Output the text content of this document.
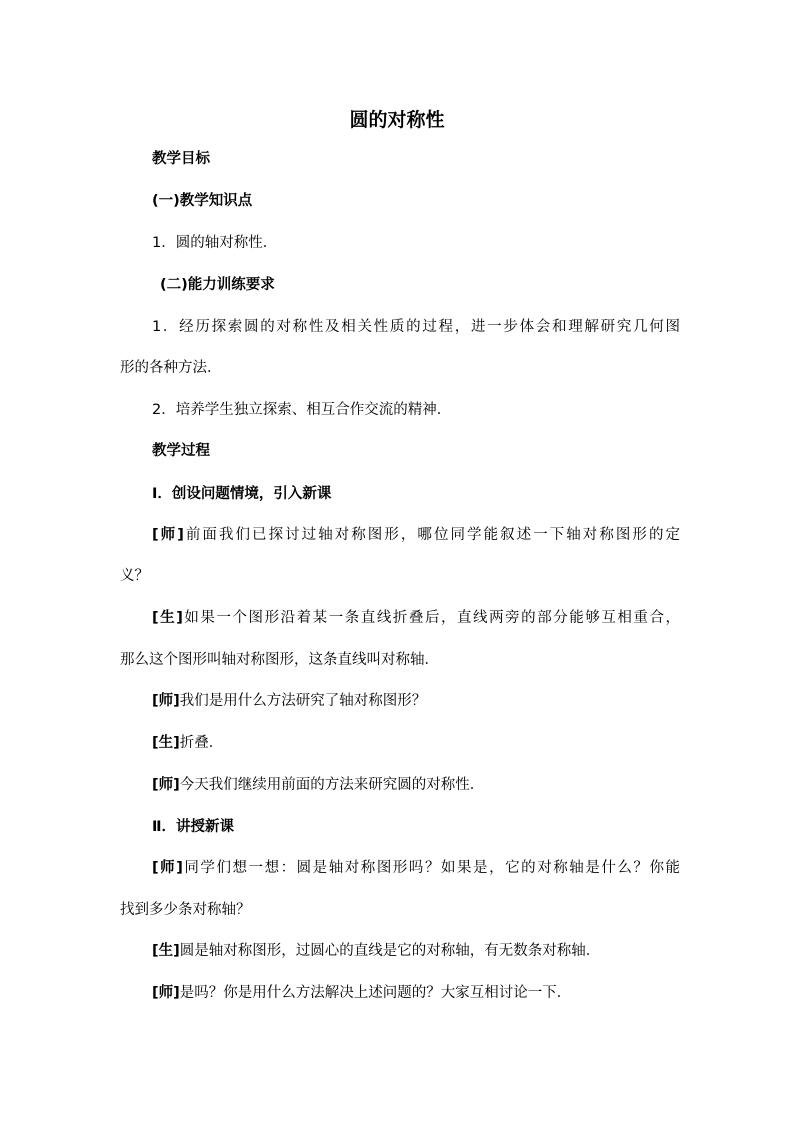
圆的对称性

教学目标

(一)教学知识点

1．圆的轴对称性．

(二)能力训练要求

1．经历探索圆的对称性及相关性质的过程，进一步体会和理解研究几何图

形的各种方法．

2．培养学生独立探索、相互合作交流的精神．

教学过程

Ⅰ．创设问题情境，引入新课

[师]前面我们已探讨过轴对称图形，哪位同学能叙述一下轴对称图形的定

义？

[生]如果一个图形沿着某一条直线折叠后，直线两旁的部分能够互相重合，

那么这个图形叫轴对称图形，这条直线叫对称轴．

[师]我们是用什么方法研究了轴对称图形？

[生]折叠．

[师]今天我们继续用前面的方法来研究圆的对称性．

Ⅱ．讲授新课

[师]同学们想一想：圆是轴对称图形吗？如果是，它的对称轴是什么？你能

找到多少条对称轴？

[生]圆是轴对称图形，过圆心的直线是它的对称轴，有无数条对称轴．

[师]是吗？你是用什么方法解决上述问题的？大家互相讨论一下．
